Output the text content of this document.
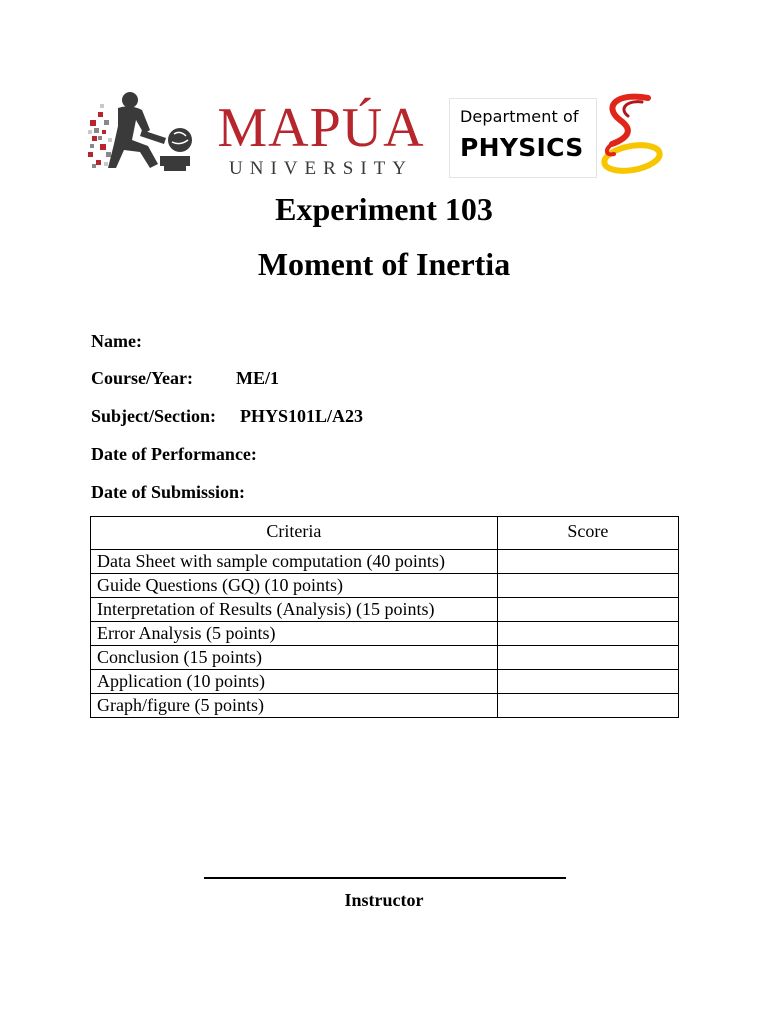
MAPÚA
UNIVERSITY
Department of
PHYSICS
Experiment 103
Moment of Inertia
Name:
Course/Year: ME/1
Subject/Section: PHYS101L/A23
Date of Performance:
Date of Submission:
Criteria	Score
Data Sheet with sample computation (40 points)	
Guide Questions (GQ) (10 points)	
Interpretation of Results (Analysis) (15 points)	
Error Analysis (5 points)	
Conclusion (15 points)	
Application (10 points)	
Graph/figure (5 points)	
Instructor
